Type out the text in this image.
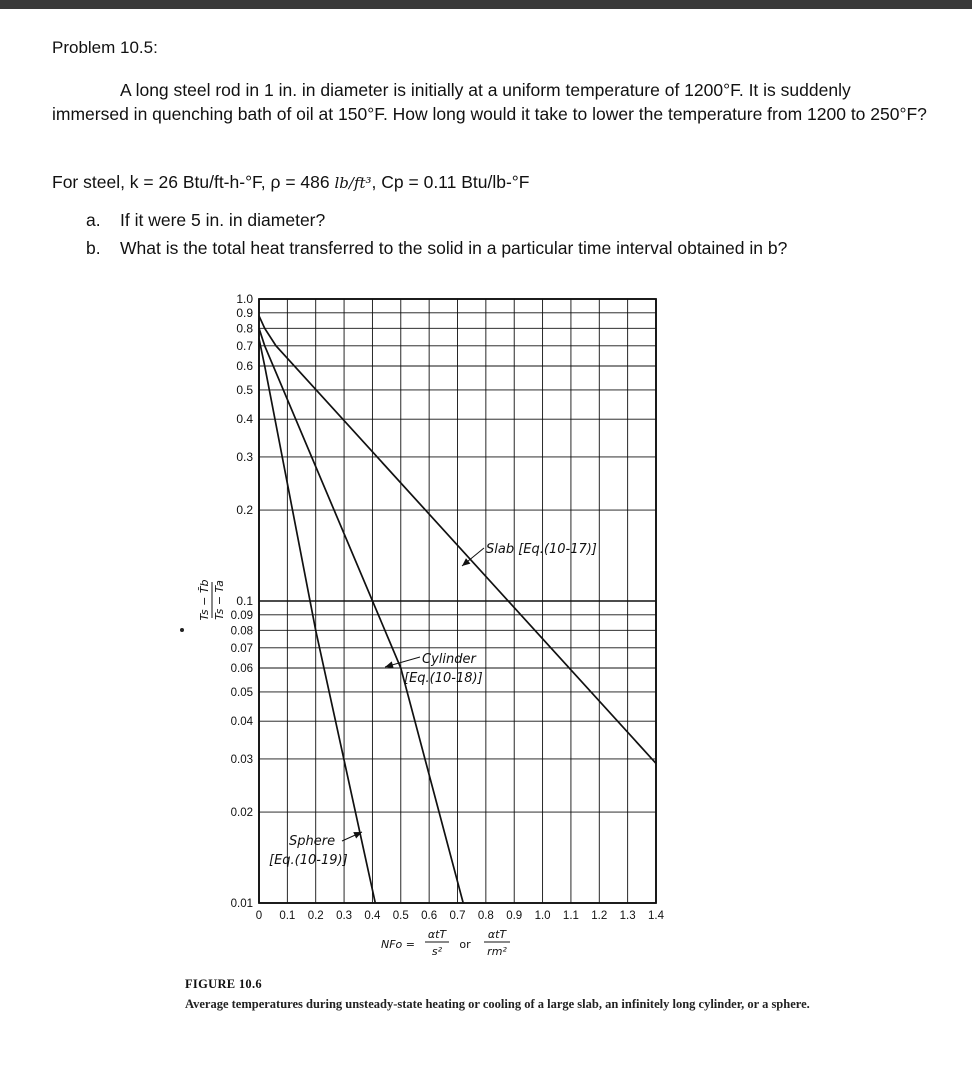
Problem 10.5:
A long steel rod in 1 in. in diameter is initially at a uniform temperature of 1200°F. It is suddenly immersed in quenching bath of oil at 150°F. How long would it take to lower the temperature from 1200 to 250°F?
For steel, k = 26 Btu/ft-h-°F, ρ = 486 lb/ft³, Cp = 0.11 Btu/lb-°F
a. If it were 5 in. in diameter?
b. What is the total heat transferred to the solid in a particular time interval obtained in b?
1.0
0.9
0.8
0.7
0.6
0.5
0.4
0.3
0.2
0.1
0.09
0.08
0.07
0.06
0.05
0.04
0.03
0.02
0.01
0 0.1 0.2 0.3 0.4 0.5 0.6 0.7 0.8 0.9 1.0 1.1 1.2 1.3 1.4
Slab [Eq.(10-17)]
Cylinder
[Eq.(10-18)]
Sphere
[Eq.(10-19)]
Ts − T̄b Ts − Ta
NFo =
αtT
s²
or
αtT
rm²
FIGURE 10.6
Average temperatures during unsteady-state heating or cooling of a large slab, an infinitely long cylinder, or a sphere.
